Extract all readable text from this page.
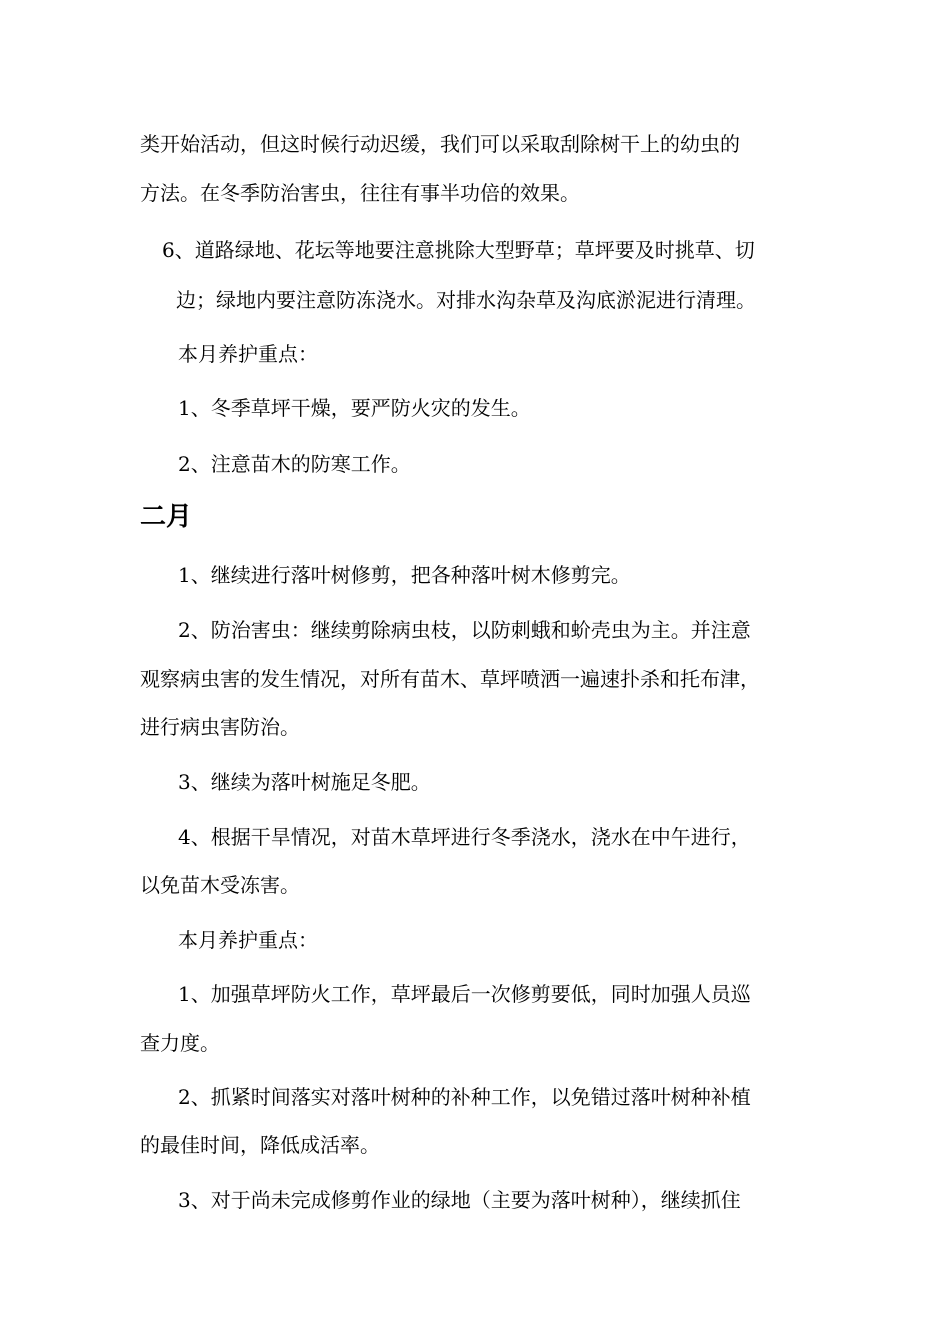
类开始活动，但这时候行动迟缓，我们可以采取刮除树干上的幼虫的

方法。在冬季防治害虫，往往有事半功倍的效果。

6、道路绿地、花坛等地要注意挑除大型野草；草坪要及时挑草、切

边；绿地内要注意防冻浇水。对排水沟杂草及沟底淤泥进行清理。

本月养护重点：

1、冬季草坪干燥，要严防火灾的发生。

2、注意苗木的防寒工作。

二月

1、继续进行落叶树修剪，把各种落叶树木修剪完。

2、防治害虫：继续剪除病虫枝，以防刺蛾和蚧壳虫为主。并注意

观察病虫害的发生情况，对所有苗木、草坪喷洒一遍速扑杀和托布津，

进行病虫害防治。

3、继续为落叶树施足冬肥。

4、根据干旱情况，对苗木草坪进行冬季浇水，浇水在中午进行，

以免苗木受冻害。

本月养护重点：

1、加强草坪防火工作，草坪最后一次修剪要低，同时加强人员巡

查力度。

2、抓紧时间落实对落叶树种的补种工作，以免错过落叶树种补植

的最佳时间，降低成活率。

3、对于尚未完成修剪作业的绿地（主要为落叶树种），继续抓住
